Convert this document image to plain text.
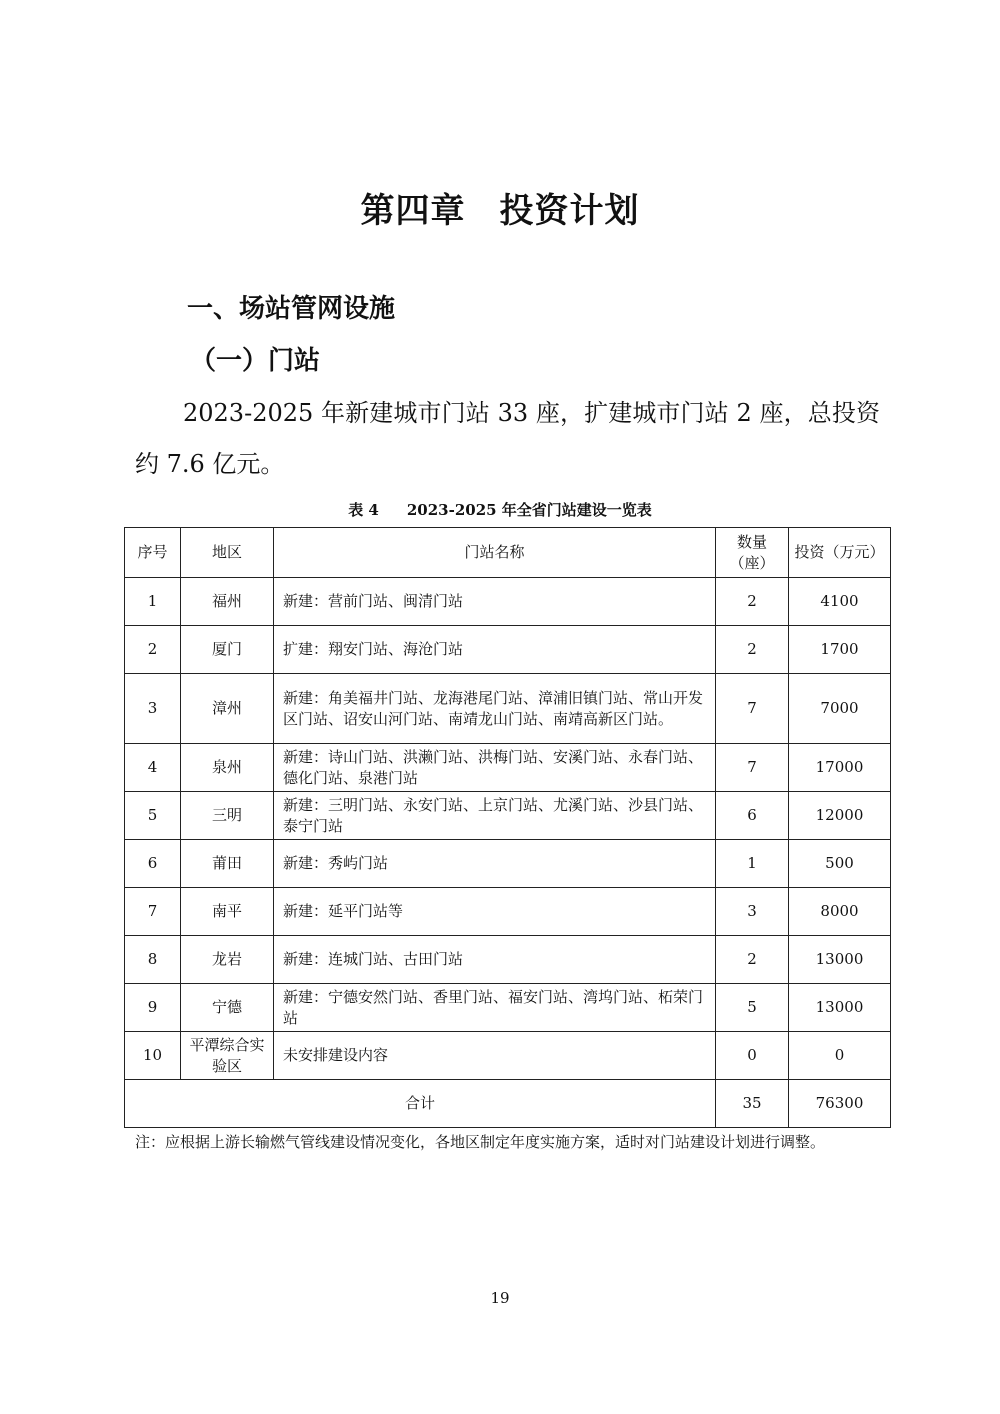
第四章 投资计划
一、场站管网设施
（一）门站

2023-2025 年新建城市门站 33 座，扩建城市门站 2 座，总投资约 7.6 亿元。

表 4 2023-2025 年全省门站建设一览表

序号	地区	门站名称	数量（座）	投资（万元）
1	福州	新建：营前门站、闽清门站	2	4100
2	厦门	扩建：翔安门站、海沧门站	2	1700
3	漳州	新建：角美福井门站、龙海港尾门站、漳浦旧镇门站、常山开发区门站、诏安山河门站、南靖龙山门站、南靖高新区门站。	7	7000
4	泉州	新建：诗山门站、洪濑门站、洪梅门站、安溪门站、永春门站、德化门站、泉港门站	7	17000
5	三明	新建：三明门站、永安门站、上京门站、尤溪门站、沙县门站、泰宁门站	6	12000
6	莆田	新建：秀屿门站	1	500
7	南平	新建：延平门站等	3	8000
8	龙岩	新建：连城门站、古田门站	2	13000
9	宁德	新建：宁德安然门站、香里门站、福安门站、湾坞门站、柘荣门站	5	13000
10	平潭综合实验区	未安排建设内容	0	0
合计			35	76300

注：应根据上游长输燃气管线建设情况变化，各地区制定年度实施方案，适时对门站建设计划进行调整。

19
